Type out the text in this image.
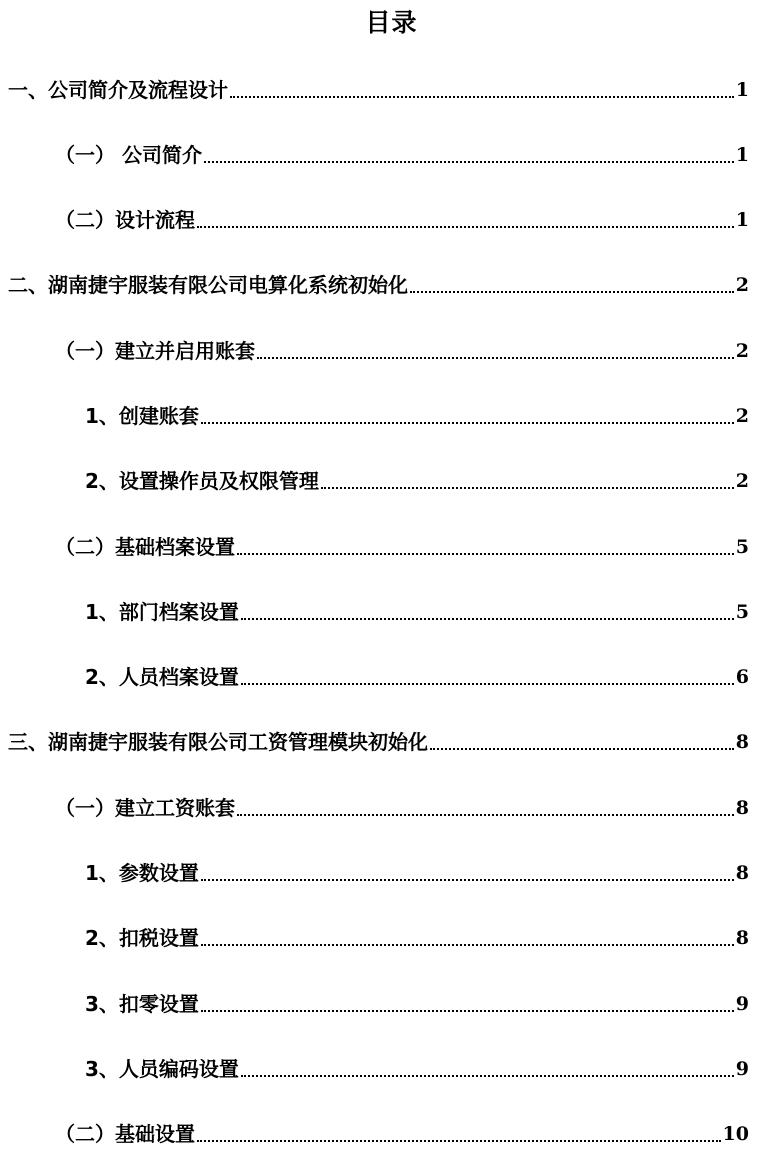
目录
一、公司简介及流程设计	1
（一） 公司简介	1
（二）设计流程	1
二、湖南捷宇服装有限公司电算化系统初始化	2
（一）建立并启用账套	2
1、创建账套	2
2、设置操作员及权限管理	2
（二）基础档案设置	5
1、部门档案设置	5
2、人员档案设置	6
三、湖南捷宇服装有限公司工资管理模块初始化	8
（一）建立工资账套	8
1、参数设置	8
2、扣税设置	8
3、扣零设置	9
3、人员编码设置	9
（二）基础设置	10
